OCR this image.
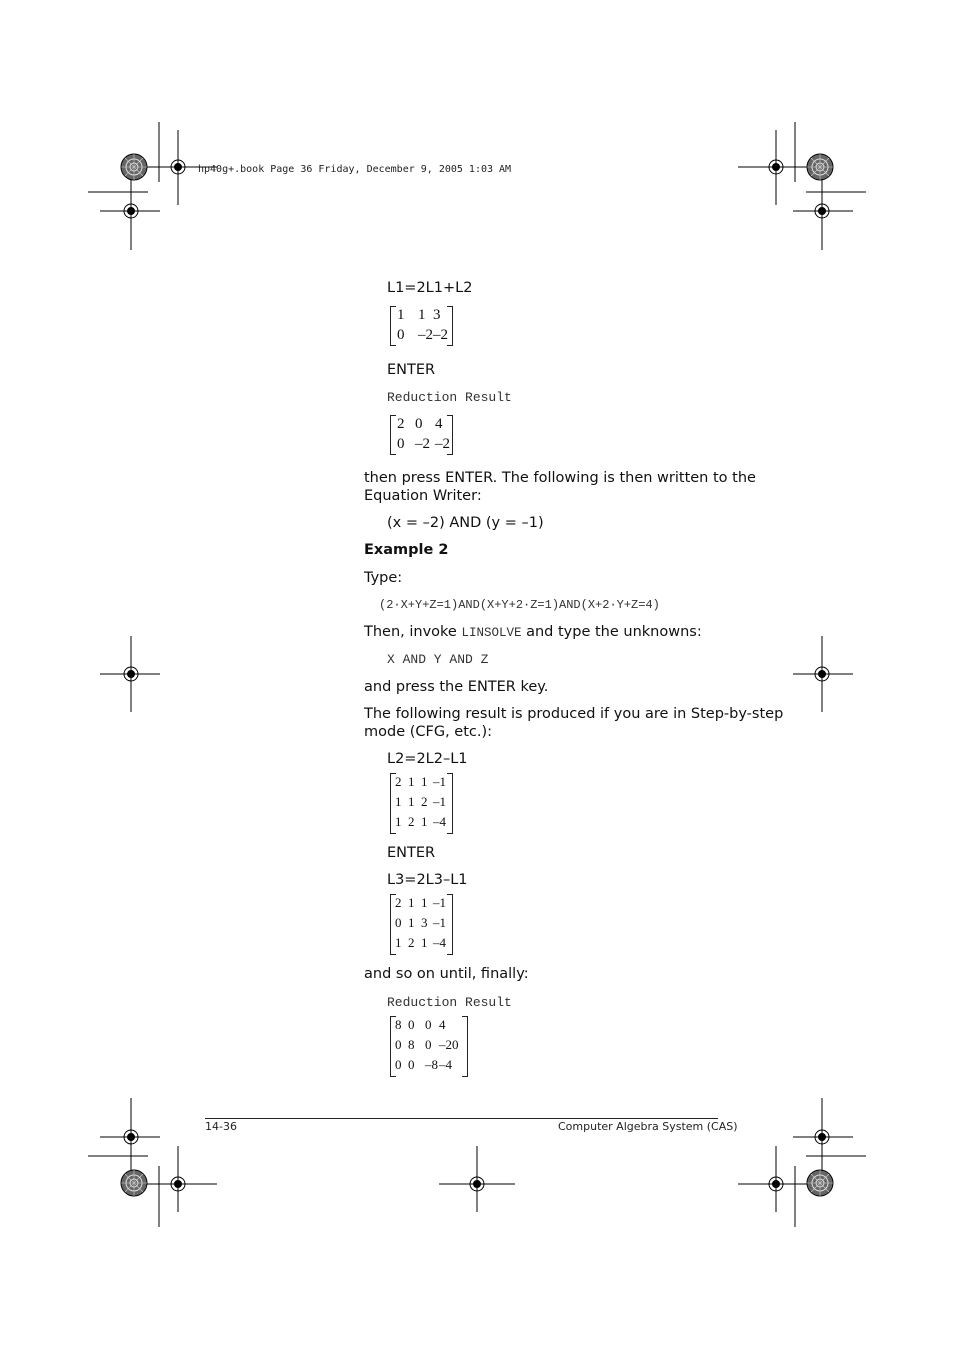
hp40g+.book Page 36 Friday, December 9, 2005 1:03 AM
L1=2L1+L2
1 1 3
0 –2 –2
ENTER
Reduction Result
2 0 4
0 –2 –2
then press ENTER. The following is then written to the
Equation Writer:
(x = –2) AND (y = –1)
Example 2
Type:
(2·X+Y+Z=1)AND(X+Y+2·Z=1)AND(X+2·Y+Z=4)
Then, invoke LINSOLVE and type the unknowns:
X AND Y AND Z
and press the ENTER key.
The following result is produced if you are in Step-by-step
mode (CFG, etc.):
L2=2L2–L1
2 1 1 –1
1 1 2 –1
1 2 1 –4
ENTER
L3=2L3–L1
2 1 1 –1
0 1 3 –1
1 2 1 –4
and so on until, finally:
Reduction Result
8 0 0 4
0 8 0 –20
0 0 –8 –4
14-36	Computer Algebra System (CAS)
